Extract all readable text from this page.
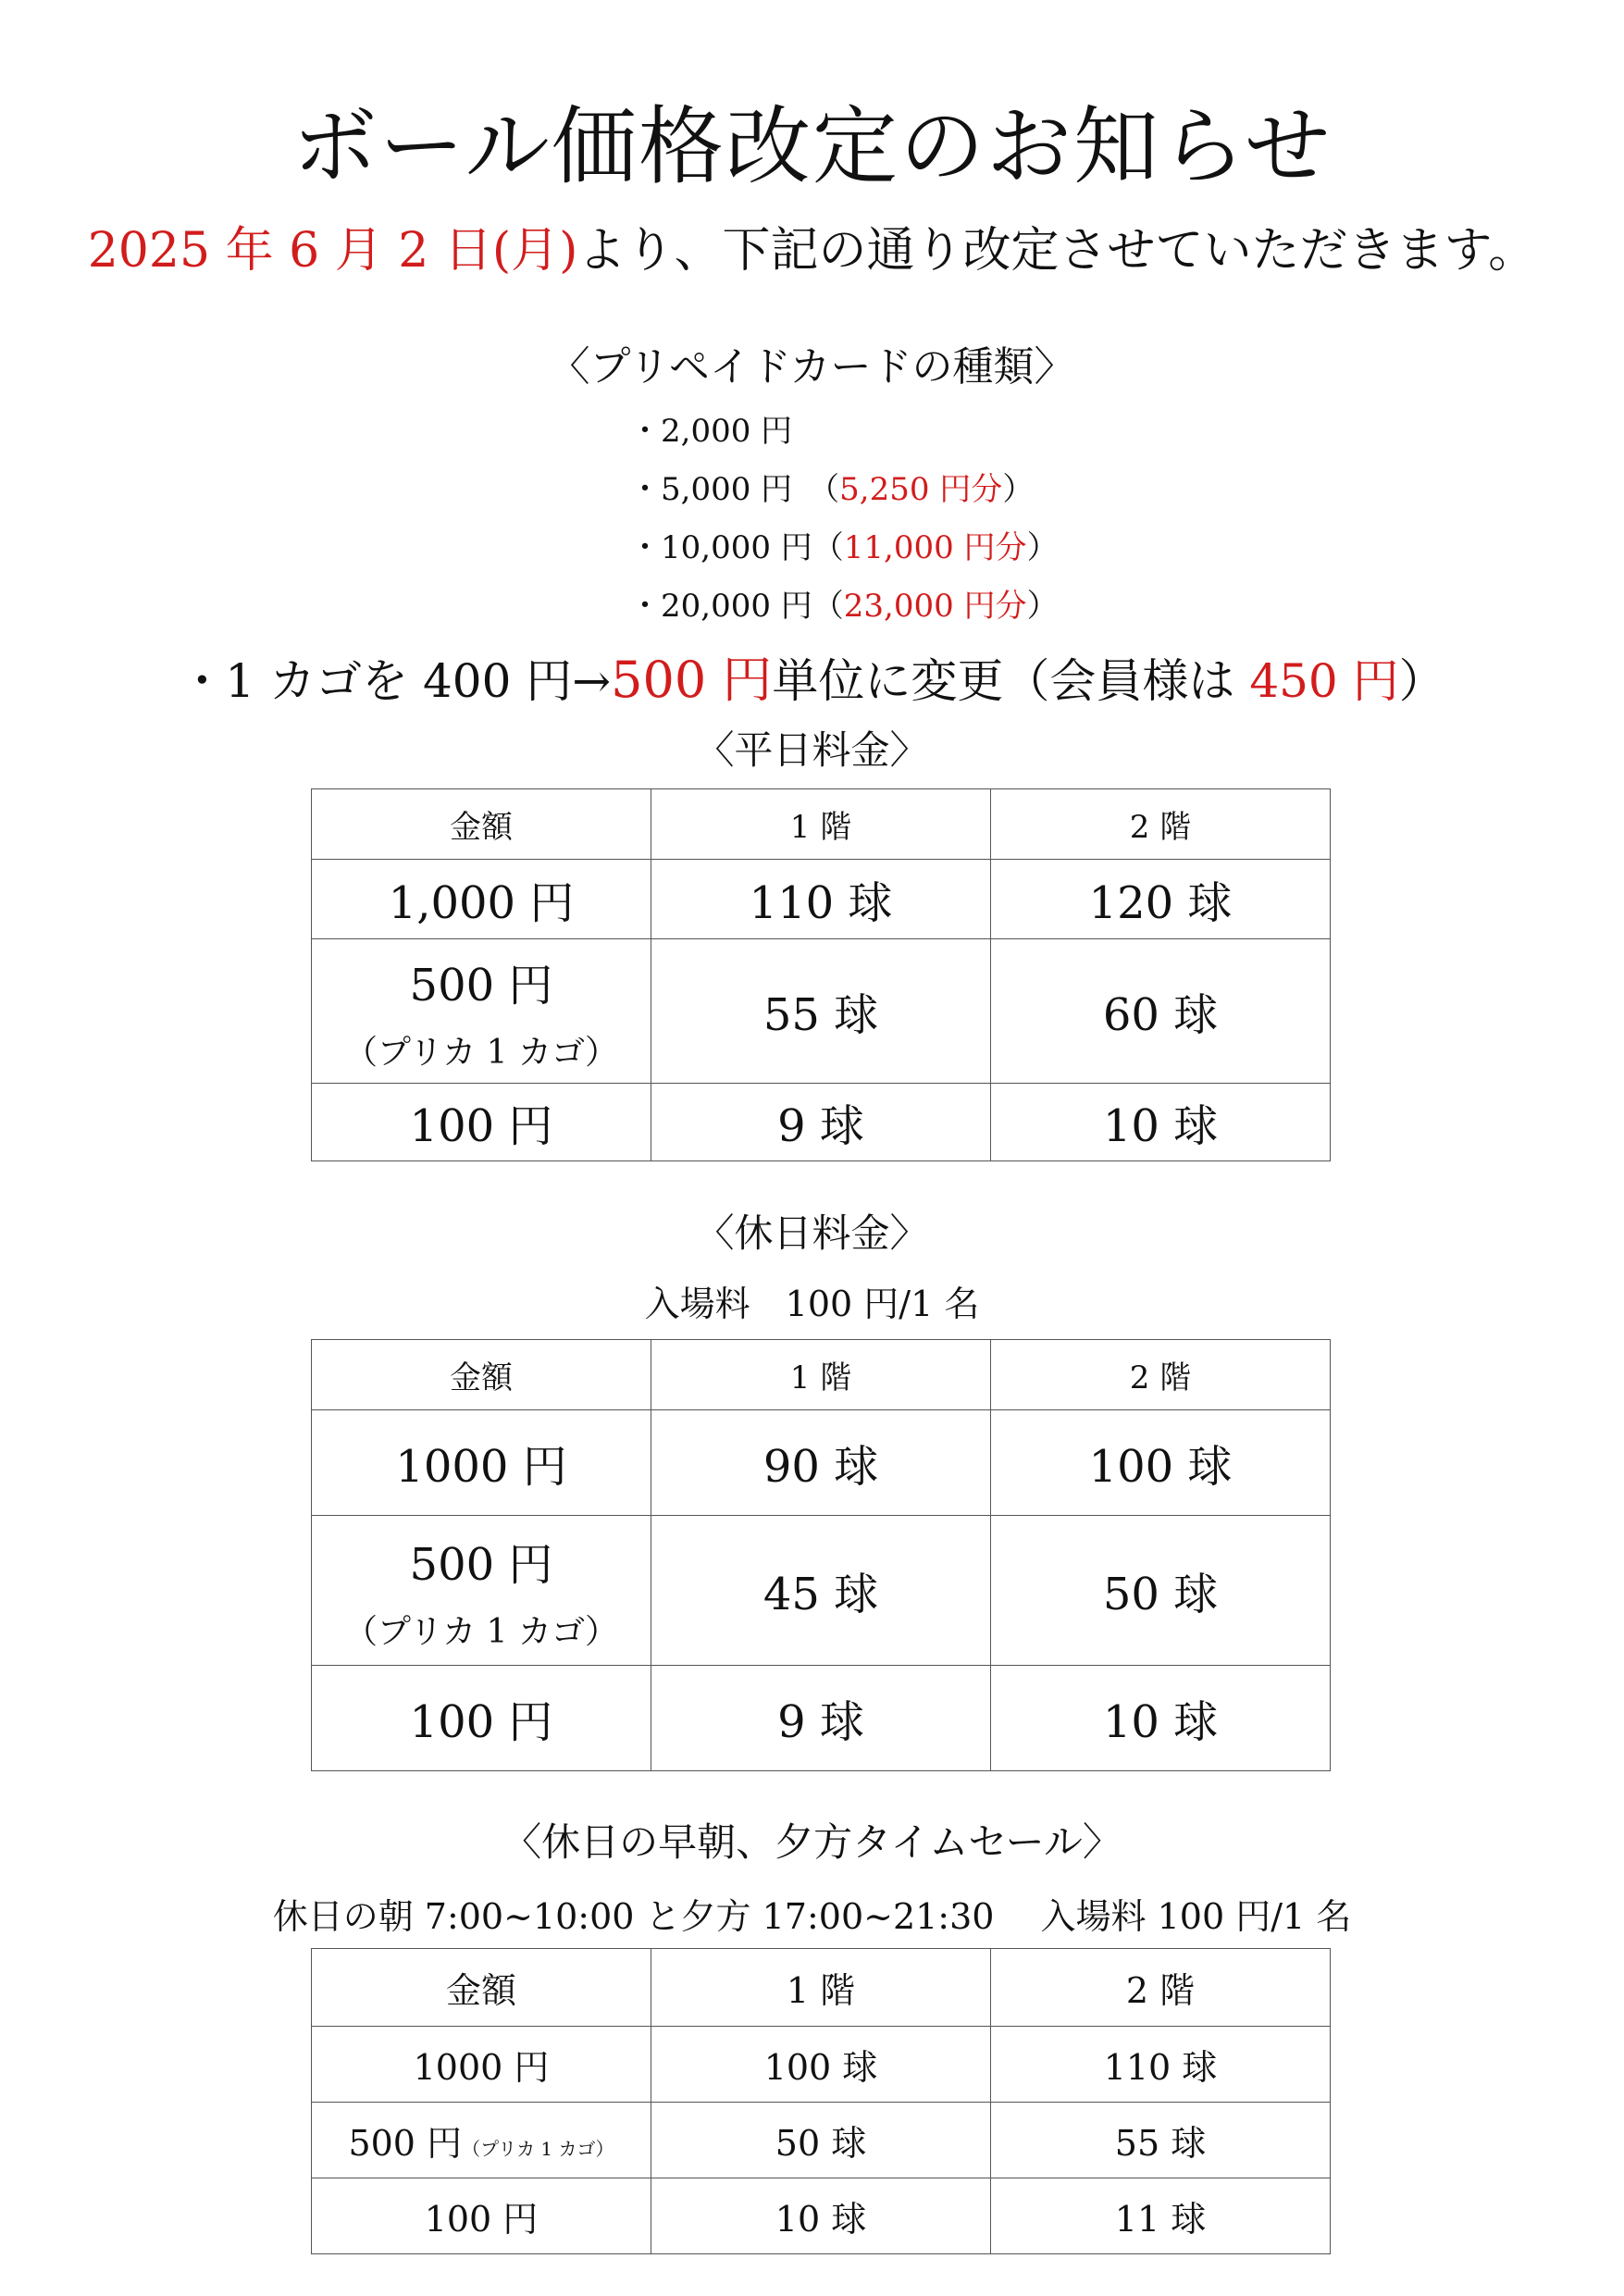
ボール価格改定のお知らせ
2025 年 6 月 2 日(月)より、下記の通り改定させていただきます。
〈プリペイドカードの種類〉
・2,000 円
・5,000 円　（5,250 円分）
・10,000 円（11,000 円分）
・20,000 円（23,000 円分）
・1 カゴを 400 円→500 円単位に変更（会員様は 450 円）
〈平日料金〉
金額	1 階	2 階
1,000 円	110 球	120 球
500 円
（プリカ 1 カゴ）	55 球	60 球
100 円	9 球	10 球
〈休日料金〉
入場料　100 円/1 名
金額	1 階	2 階
1000 円	90 球	100 球
500 円
（プリカ 1 カゴ）	45 球	50 球
100 円	9 球	10 球
〈休日の早朝、夕方タイムセール〉
休日の朝 7:00~10:00 と夕方 17:00~21:30　 入場料 100 円/1 名
金額	1 階	2 階
1000 円	100 球	110 球
500 円（プリカ 1 カゴ）	50 球	55 球
100 円	10 球	11 球
